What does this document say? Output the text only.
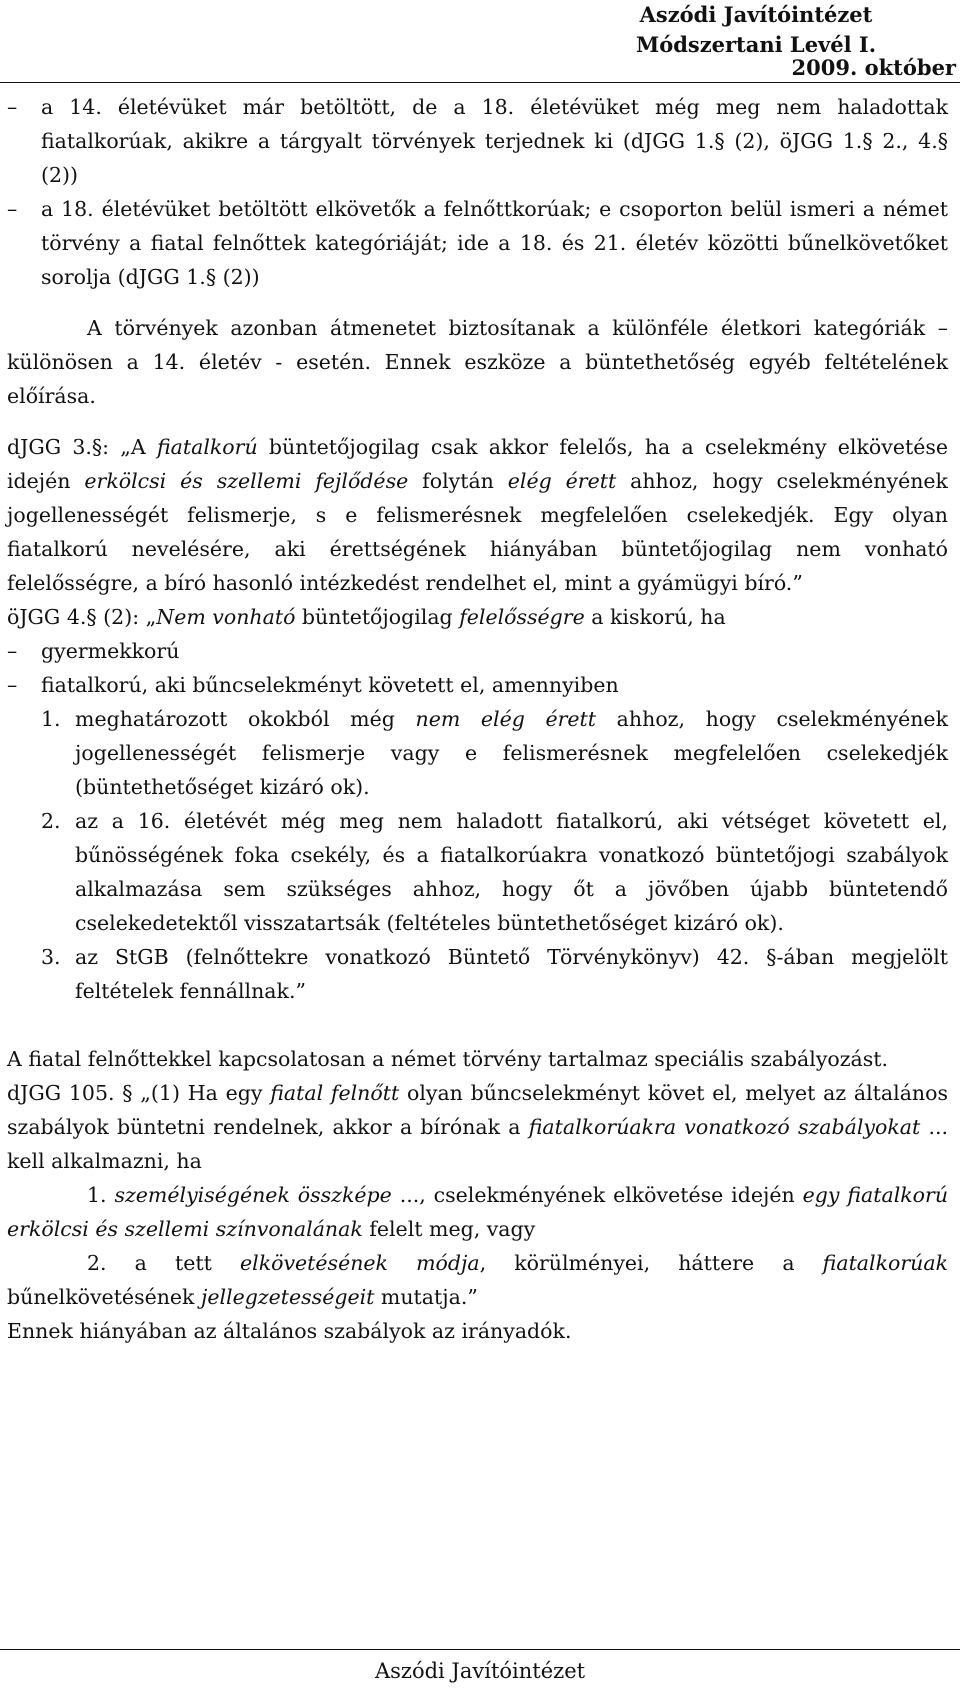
Aszódi Javítóintézet
Módszertani Levél I.
2009. október

– a 14. életévüket már betöltött, de a 18. életévüket még meg nem haladottak fiatalkorúak, akikre a tárgyalt törvények terjednek ki (dJGG 1.§ (2), öJGG 1.§ 2., 4.§ (2))

– a 18. életévüket betöltött elkövetők a felnőttkorúak; e csoporton belül ismeri a német törvény a fiatal felnőttek kategóriáját; ide a 18. és 21. életév közötti bűnelkövetőket sorolja (dJGG 1.§ (2))

A törvények azonban átmenetet biztosítanak a különféle életkori kategóriák – különösen a 14. életév - esetén. Ennek eszköze a büntethetőség egyéb feltételének előírása.

dJGG 3.§: „A fiatalkorú büntetőjogilag csak akkor felelős, ha a cselekmény elkövetése idején erkölcsi és szellemi fejlődése folytán elég érett ahhoz, hogy cselekményének jogellenességét felismerje, s e felismerésnek megfelelően cselekedjék. Egy olyan fiatalkorú nevelésére, aki érettségének hiányában büntetőjogilag nem vonható felelősségre, a bíró hasonló intézkedést rendelhet el, mint a gyámügyi bíró.”

öJGG 4.§ (2): „Nem vonható büntetőjogilag felelősségre a kiskorú, ha

– gyermekkorú

– fiatalkorú, aki bűncselekményt követett el, amennyiben

1. meghatározott okokból még nem elég érett ahhoz, hogy cselekményének jogellenességét felismerje vagy e felismerésnek megfelelően cselekedjék (büntethetőséget kizáró ok).

2. az a 16. életévét még meg nem haladott fiatalkorú, aki vétséget követett el, bűnösségének foka csekély, és a fiatalkorúakra vonatkozó büntetőjogi szabályok alkalmazása sem szükséges ahhoz, hogy őt a jövőben újabb büntetendő cselekedetektől visszatartsák (feltételes büntethetőséget kizáró ok).

3. az StGB (felnőttekre vonatkozó Büntető Törvénykönyv) 42. §-ában megjelölt feltételek fennállnak.”

A fiatal felnőttekkel kapcsolatosan a német törvény tartalmaz speciális szabályozást.

dJGG 105. § „(1) Ha egy fiatal felnőtt olyan bűncselekményt követ el, melyet az általános szabályok büntetni rendelnek, akkor a bírónak a fiatalkorúakra vonatkozó szabályokat ... kell alkalmazni, ha

1. személyiségének összképe ..., cselekményének elkövetése idején egy fiatalkorú erkölcsi és szellemi színvonalának felelt meg, vagy

2. a tett elkövetésének módja, körülményei, háttere a fiatalkorúak bűnelkövetésének jellegzetességeit mutatja.”

Ennek hiányában az általános szabályok az irányadók.

Aszódi Javítóintézet
